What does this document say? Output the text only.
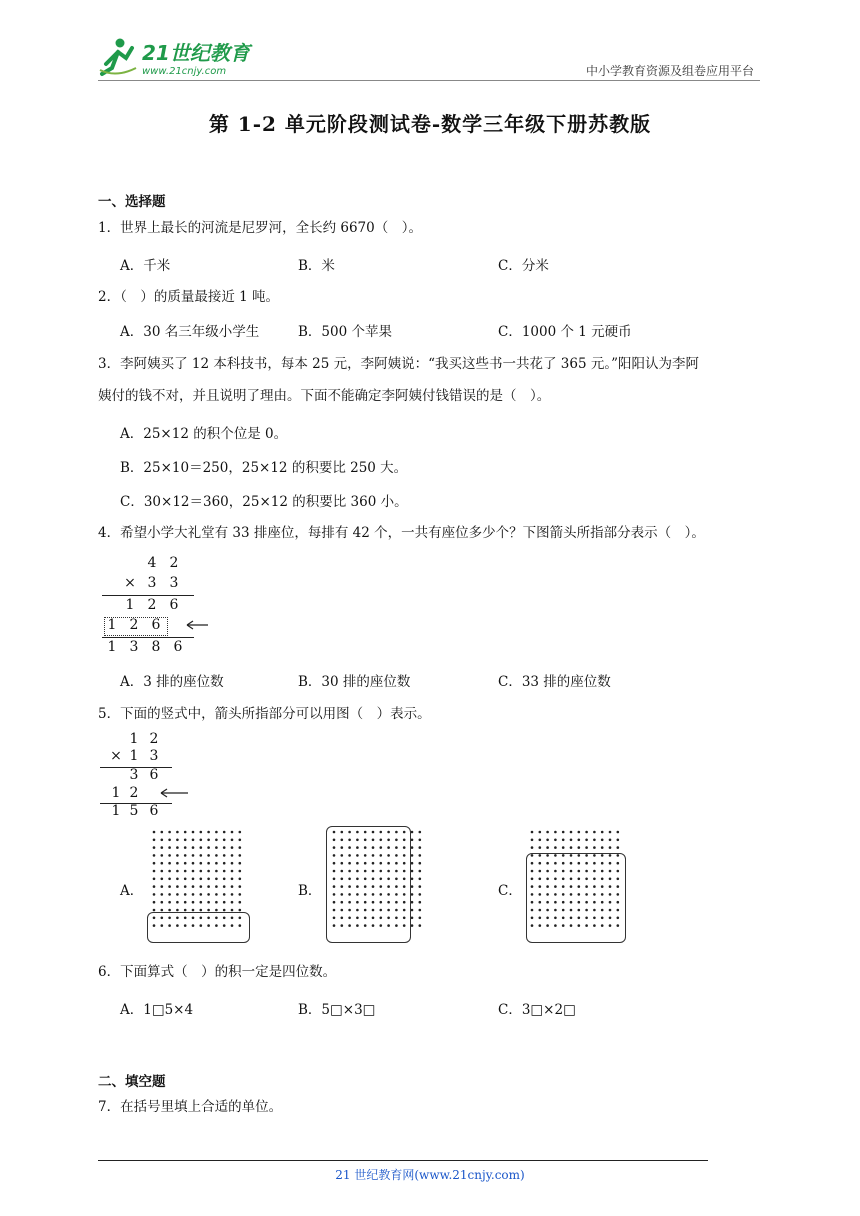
21世纪教育
www.21cnjy.com	中小学教育资源及组卷应用平台
第 1-2 单元阶段测试卷-数学三年级下册苏教版
一、选择题
1．世界上最长的河流是尼罗河，全长约 6670（　）。
A．千米	B．米	C．分米
2．（　）的质量最接近 1 吨。
A．30 名三年级小学生	B．500 个苹果	C．1000 个 1 元硬币
3．李阿姨买了 12 本科技书，每本 25 元，李阿姨说：“我买这些书一共花了 365 元。”阳阳认为李阿
姨付的钱不对，并且说明了理由。下面不能确定李阿姨付钱错误的是（　）。
A．25×12 的积个位是 0。
B．25×10＝250，25×12 的积要比 250 大。
C．30×12＝360，25×12 的积要比 360 小。
4．希望小学大礼堂有 33 排座位，每排有 42 个，一共有座位多少个？下图箭头所指部分表示（　）。
4 2
× 3 3
1 2 6
1 2 6
1 3 8 6
A．3 排的座位数	B．30 排的座位数	C．33 排的座位数
5．下面的竖式中，箭头所指部分可以用图（　）表示。
1 2
× 1 3
3 6
1 2
1 5 6
A．	B．	C．
6．下面算式（　）的积一定是四位数。
A．1□5×4	B．5□×3□	C．3□×2□
二、填空题
7．在括号里填上合适的单位。
21 世纪教育网(www.21cnjy.com)
